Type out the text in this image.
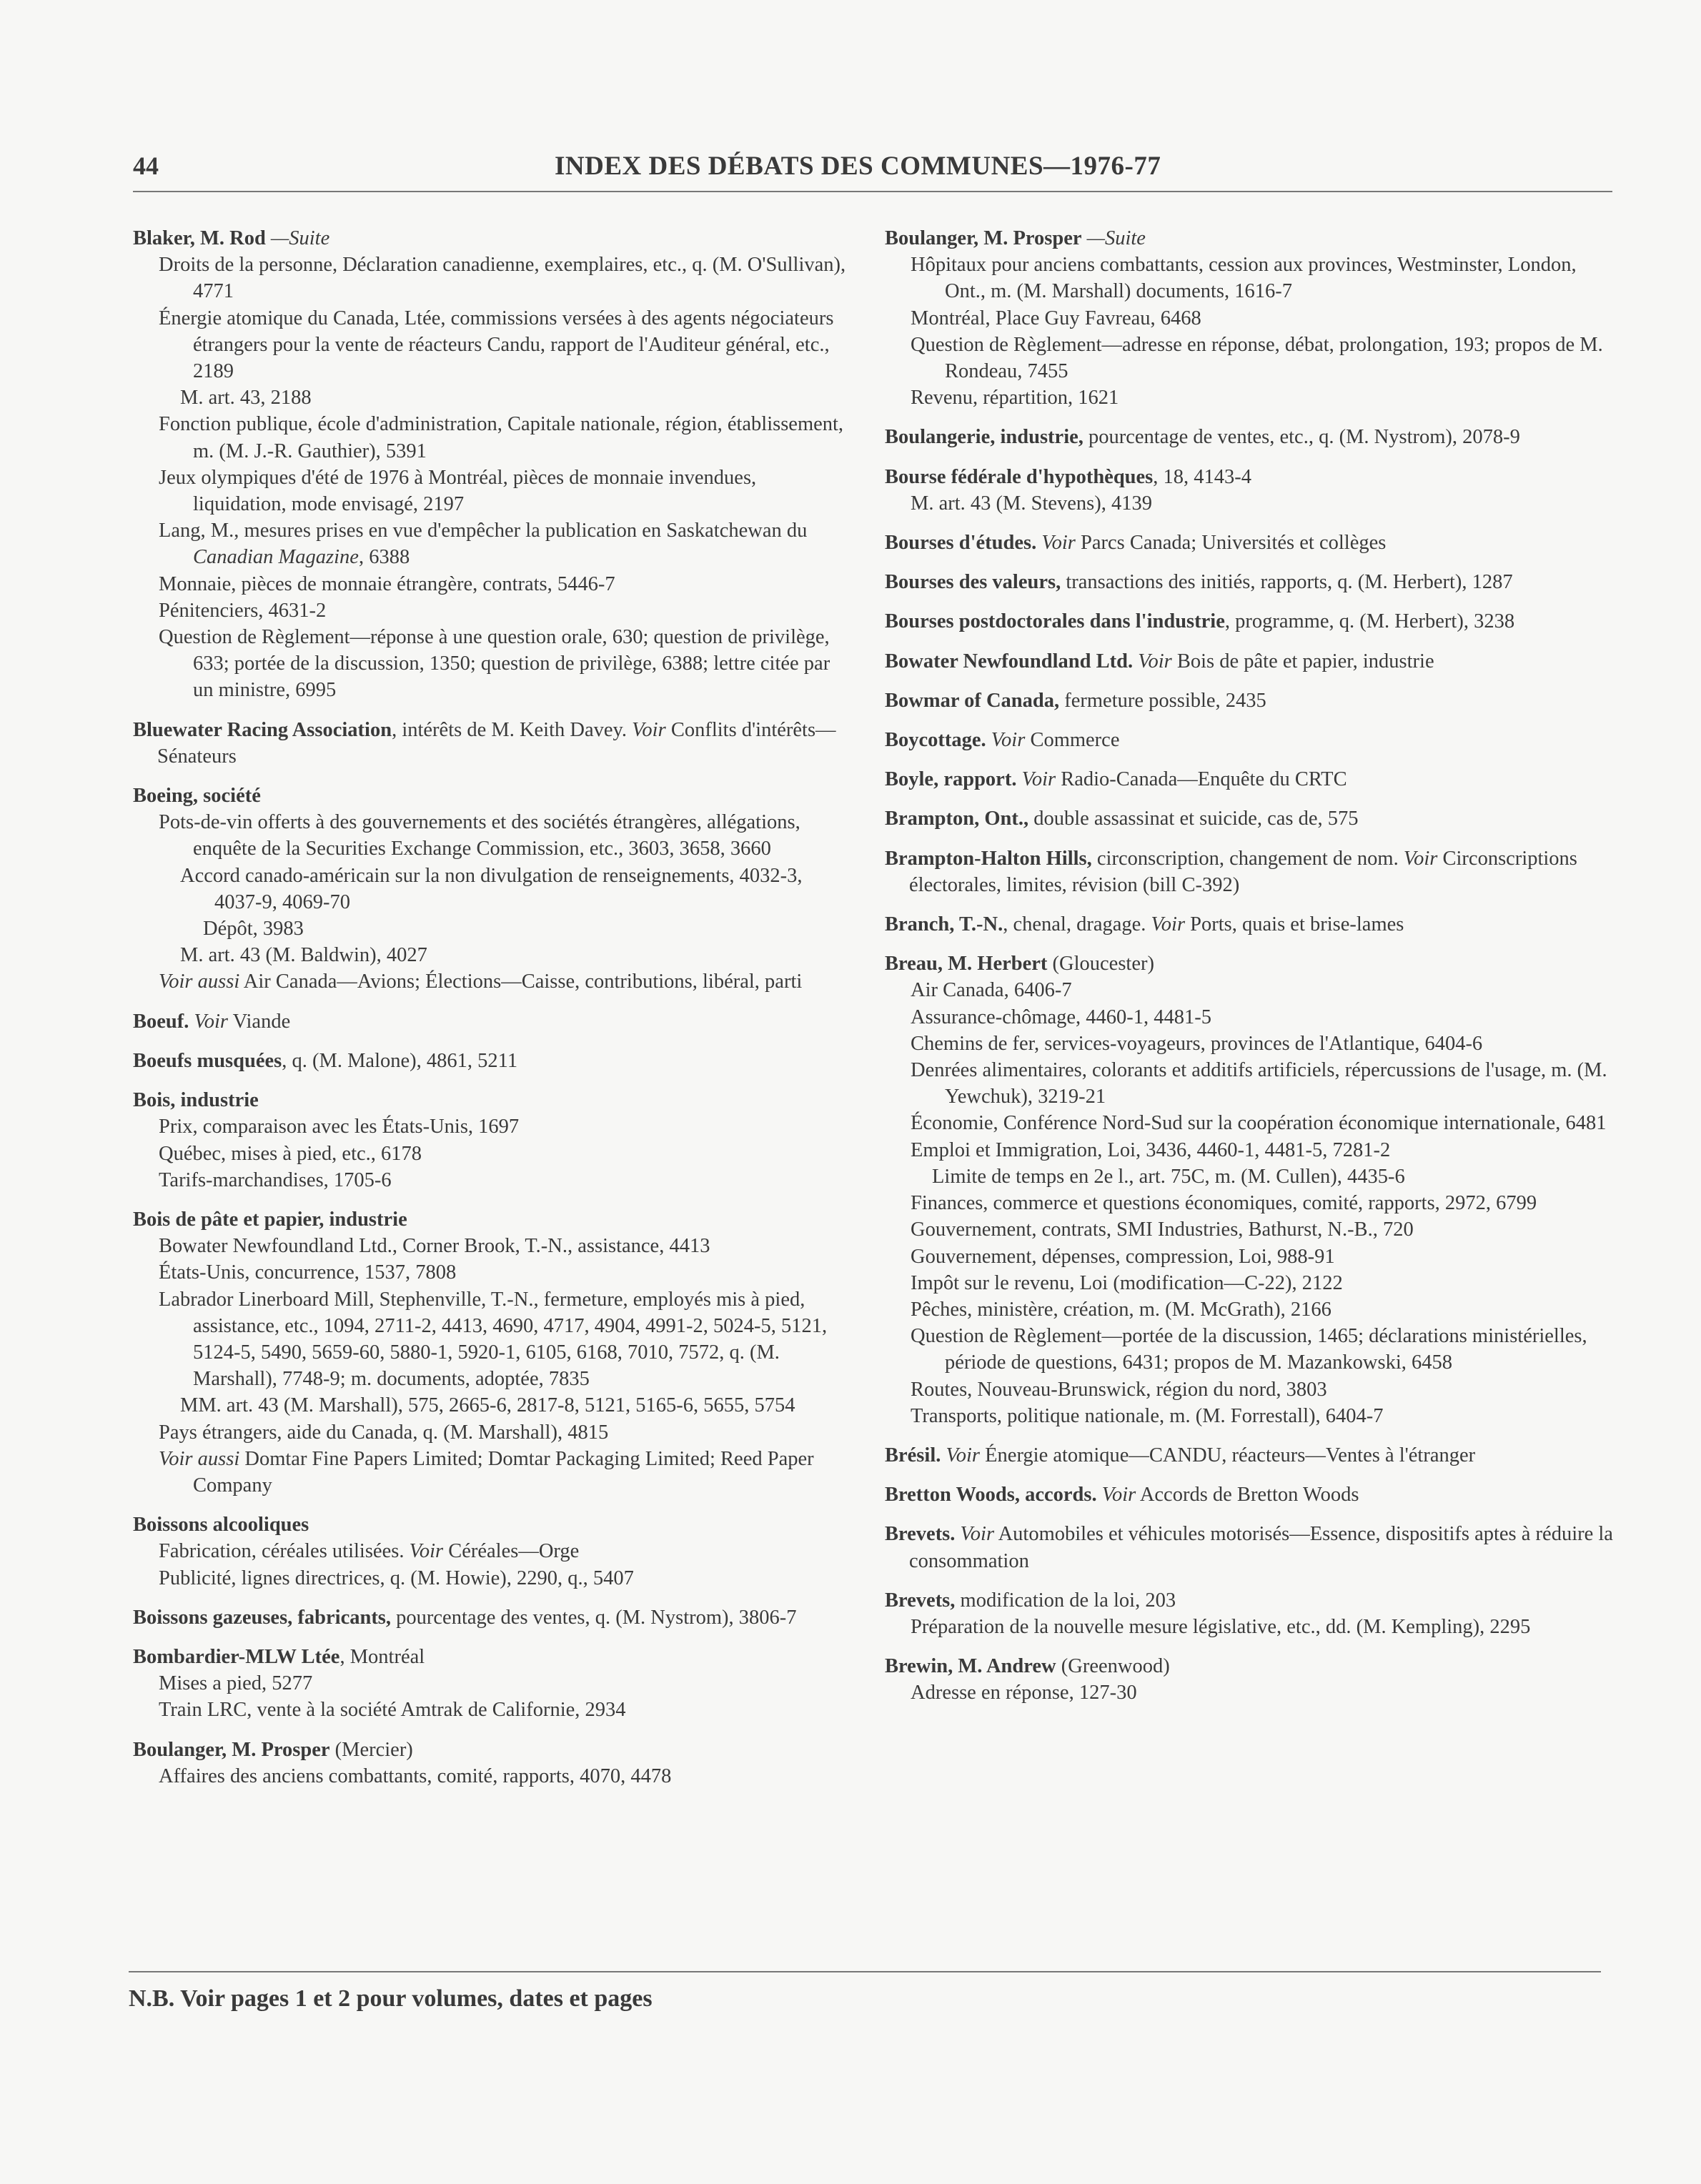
44	INDEX DES DÉBATS DES COMMUNES—1976-77
Blaker, M. Rod —Suite
Droits de la personne, Déclaration canadienne, exemplaires, etc., q. (M. O'Sullivan), 4771
Énergie atomique du Canada, Ltée, commissions versées à des agents négociateurs étrangers pour la vente de réacteurs Candu, rapport de l'Auditeur général, etc., 2189
M. art. 43, 2188
Fonction publique, école d'administration, Capitale nationale, région, établissement, m. (M. J.-R. Gauthier), 5391
Jeux olympiques d'été de 1976 à Montréal, pièces de monnaie invendues, liquidation, mode envisagé, 2197
Lang, M., mesures prises en vue d'empêcher la publication en Saskatchewan du Canadian Magazine, 6388
Monnaie, pièces de monnaie étrangère, contrats, 5446-7
Pénitenciers, 4631-2
Question de Règlement—réponse à une question orale, 630; question de privilège, 633; portée de la discussion, 1350; question de privilège, 6388; lettre citée par un ministre, 6995
Bluewater Racing Association, intérêts de M. Keith Davey. Voir Conflits d'intérêts—Sénateurs
Boeing, société
Pots-de-vin offerts à des gouvernements et des sociétés étrangères, allégations, enquête de la Securities Exchange Commission, etc., 3603, 3658, 3660
Accord canado-américain sur la non divulgation de renseignements, 4032-3, 4037-9, 4069-70
Dépôt, 3983
M. art. 43 (M. Baldwin), 4027
Voir aussi Air Canada—Avions; Élections—Caisse, contributions, libéral, parti
Boeuf. Voir Viande
Boeufs musquées, q. (M. Malone), 4861, 5211
Bois, industrie
Prix, comparaison avec les États-Unis, 1697
Québec, mises à pied, etc., 6178
Tarifs-marchandises, 1705-6
Bois de pâte et papier, industrie
Bowater Newfoundland Ltd., Corner Brook, T.-N., assistance, 4413
États-Unis, concurrence, 1537, 7808
Labrador Linerboard Mill, Stephenville, T.-N., fermeture, employés mis à pied, assistance, etc., 1094, 2711-2, 4413, 4690, 4717, 4904, 4991-2, 5024-5, 5121, 5124-5, 5490, 5659-60, 5880-1, 5920-1, 6105, 6168, 7010, 7572, q. (M. Marshall), 7748-9; m. documents, adoptée, 7835
MM. art. 43 (M. Marshall), 575, 2665-6, 2817-8, 5121, 5165-6, 5655, 5754
Pays étrangers, aide du Canada, q. (M. Marshall), 4815
Voir aussi Domtar Fine Papers Limited; Domtar Packaging Limited; Reed Paper Company
Boissons alcooliques
Fabrication, céréales utilisées. Voir Céréales—Orge
Publicité, lignes directrices, q. (M. Howie), 2290, q., 5407
Boissons gazeuses, fabricants, pourcentage des ventes, q. (M. Nystrom), 3806-7
Bombardier-MLW Ltée, Montréal
Mises a pied, 5277
Train LRC, vente à la société Amtrak de Californie, 2934
Boulanger, M. Prosper (Mercier)
Affaires des anciens combattants, comité, rapports, 4070, 4478
Boulanger, M. Prosper —Suite
Hôpitaux pour anciens combattants, cession aux provinces, Westminster, London, Ont., m. (M. Marshall) documents, 1616-7
Montréal, Place Guy Favreau, 6468
Question de Règlement—adresse en réponse, débat, prolongation, 193; propos de M. Rondeau, 7455
Revenu, répartition, 1621
Boulangerie, industrie, pourcentage de ventes, etc., q. (M. Nystrom), 2078-9
Bourse fédérale d'hypothèques, 18, 4143-4
M. art. 43 (M. Stevens), 4139
Bourses d'études. Voir Parcs Canada; Universités et collèges
Bourses des valeurs, transactions des initiés, rapports, q. (M. Herbert), 1287
Bourses postdoctorales dans l'industrie, programme, q. (M. Herbert), 3238
Bowater Newfoundland Ltd. Voir Bois de pâte et papier, industrie
Bowmar of Canada, fermeture possible, 2435
Boycottage. Voir Commerce
Boyle, rapport. Voir Radio-Canada—Enquête du CRTC
Brampton, Ont., double assassinat et suicide, cas de, 575
Brampton-Halton Hills, circonscription, changement de nom. Voir Circonscriptions électorales, limites, révision (bill C-392)
Branch, T.-N., chenal, dragage. Voir Ports, quais et brise-lames
Breau, M. Herbert (Gloucester)
Air Canada, 6406-7
Assurance-chômage, 4460-1, 4481-5
Chemins de fer, services-voyageurs, provinces de l'Atlantique, 6404-6
Denrées alimentaires, colorants et additifs artificiels, répercussions de l'usage, m. (M. Yewchuk), 3219-21
Économie, Conférence Nord-Sud sur la coopération économique internationale, 6481
Emploi et Immigration, Loi, 3436, 4460-1, 4481-5, 7281-2
Limite de temps en 2e l., art. 75C, m. (M. Cullen), 4435-6
Finances, commerce et questions économiques, comité, rapports, 2972, 6799
Gouvernement, contrats, SMI Industries, Bathurst, N.-B., 720
Gouvernement, dépenses, compression, Loi, 988-91
Impôt sur le revenu, Loi (modification—C-22), 2122
Pêches, ministère, création, m. (M. McGrath), 2166
Question de Règlement—portée de la discussion, 1465; déclarations ministérielles, période de questions, 6431; propos de M. Mazankowski, 6458
Routes, Nouveau-Brunswick, région du nord, 3803
Transports, politique nationale, m. (M. Forrestall), 6404-7
Brésil. Voir Énergie atomique—CANDU, réacteurs—Ventes à l'étranger
Bretton Woods, accords. Voir Accords de Bretton Woods
Brevets. Voir Automobiles et véhicules motorisés—Essence, dispositifs aptes à réduire la consommation
Brevets, modification de la loi, 203
Préparation de la nouvelle mesure législative, etc., dd. (M. Kempling), 2295
Brewin, M. Andrew (Greenwood)
Adresse en réponse, 127-30
N.B. Voir pages 1 et 2 pour volumes, dates et pages
